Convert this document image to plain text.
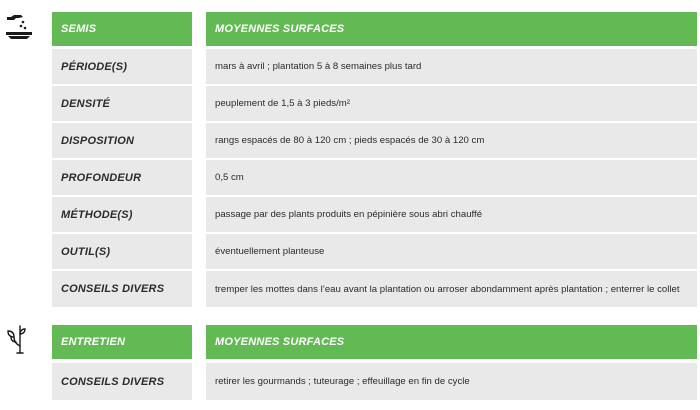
SEMIS	MOYENNES SURFACES
PÉRIODE(S)	mars à avril ; plantation 5 à 8 semaines plus tard
DENSITÉ	peuplement de 1,5 à 3 pieds/m²
DISPOSITION	rangs espacés de 80 à 120 cm ; pieds espacés de 30 à 120 cm
PROFONDEUR	0,5 cm
MÉTHODE(S)	passage par des plants produits en pépinière sous abri chauffé
OUTIL(S)	éventuellement planteuse
CONSEILS DIVERS	tremper les mottes dans l’eau avant la plantation ou arroser abondamment après plantation ; enterrer le collet
ENTRETIEN	MOYENNES SURFACES
CONSEILS DIVERS	retirer les gourmands ; tuteurage ; effeuillage en fin de cycle
